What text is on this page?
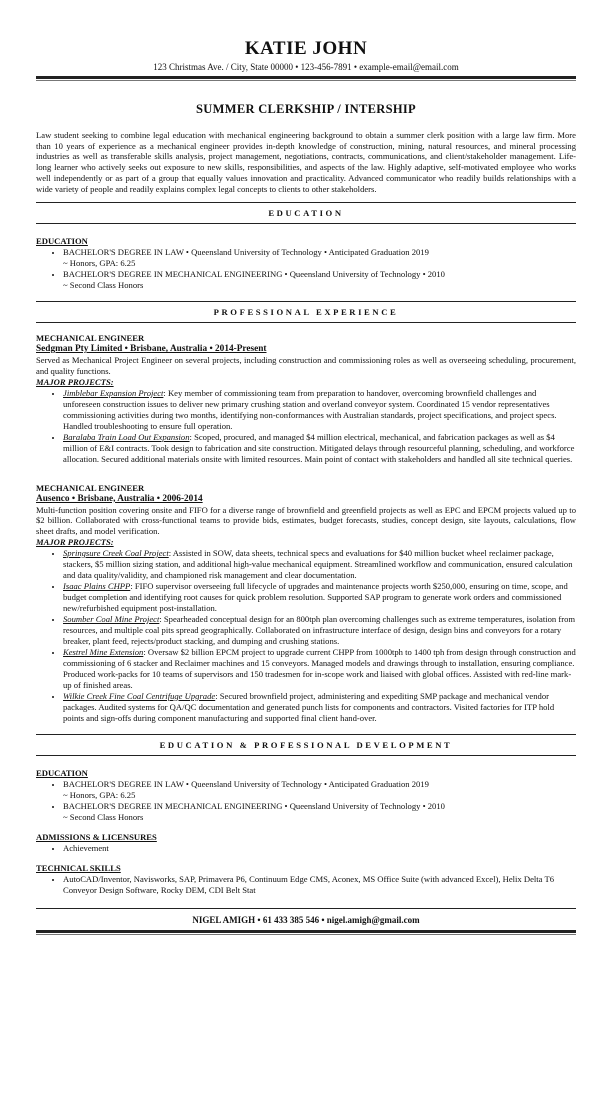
KATIE JOHN
123 Christmas Ave. / City, State 00000 • 123-456-7891 • example-email@email.com
SUMMER CLERKSHIP / INTERSHIP
Law student seeking to combine legal education with mechanical engineering background to obtain a summer clerk position with a large law firm. More than 10 years of experience as a mechanical engineer provides in-depth knowledge of construction, mining, natural resources, and mineral processing industries as well as transferable skills analysis, project management, negotiations, contracts, communications, and client/stakeholder management. Life-long learner who actively seeks out exposure to new skills, responsibilities, and aspects of the law. Highly adaptive, self-motivated employee who works well independently or as part of a group that equally values innovation and practicality. Advanced communicator who readily builds relationships with a wide variety of people and readily explains complex legal concepts to clients to other stakeholders.
EDUCATION
EDUCATION
• BACHELOR'S DEGREE IN LAW • Queensland University of Technology • Anticipated Graduation 2019
~ Honors, GPA: 6.25
• BACHELOR'S DEGREE IN MECHANICAL ENGINEERING • Queensland University of Technology • 2010
~ Second Class Honors
PROFESSIONAL EXPERIENCE
MECHANICAL ENGINEER
Sedgman Pty Limited • Brisbane, Australia • 2014-Present
Served as Mechanical Project Engineer on several projects, including construction and commissioning roles as well as overseeing scheduling, procurement, and quality functions.
MAJOR PROJECTS:
• Jimblebar Expansion Project: Key member of commissioning team from preparation to handover, overcoming brownfield challenges and unforeseen construction issues to deliver new primary crushing station and overland conveyor system. Coordinated 15 vendor representatives commissioning activities during two months, identifying non-conformances with Australian standards, project specifications, and project specs. Handled troubleshooting to ensure full operation.
• Baralaba Train Load Out Expansion: Scoped, procured, and managed $4 million electrical, mechanical, and fabrication packages as well as $4 million of E&I contracts. Took design to fabrication and site construction. Mitigated delays through resourceful planning, scheduling, and workforce allocation. Secured additional materials onsite with limited resources. Main point of contact with stakeholders and handled all site technical queries.
MECHANICAL ENGINEER
Ausenco • Brisbane, Australia • 2006-2014
Multi-function position covering onsite and FIFO for a diverse range of brownfield and greenfield projects as well as EPC and EPCM projects valued up to $2 billion. Collaborated with cross-functional teams to provide bids, estimates, budget forecasts, studies, concept design, site layouts, calculations, flow sheet drafts, and model verification.
MAJOR PROJECTS:
• Springsure Creek Coal Project: Assisted in SOW, data sheets, technical specs and evaluations for $40 million bucket wheel reclaimer package, stackers, $5 million sizing station, and additional high-value mechanical equipment. Streamlined workflow and communication, ensured calculation and data quality/validity, and championed risk management and clear documentation.
• Isaac Plains CHPP: FIFO supervisor overseeing full lifecycle of upgrades and maintenance projects worth $250,000, ensuring on time, scope, and budget completion and identifying root causes for quick problem resolution. Supported SAP program to generate work orders and commissioned new/refurbished equipment post-installation.
• Soumber Coal Mine Project: Spearheaded conceptual design for an 800tph plan overcoming challenges such as extreme temperatures, isolation from resources, and multiple coal pits spread geographically. Collaborated on infrastructure interface of design, design bins and conveyors for a rotary breaker, plant feed, rejects/product stacking, and dumping and crushing stations.
• Kestrel Mine Extension: Oversaw $2 billion EPCM project to upgrade current CHPP from 1000tph to 1400 tph from design through construction and commissioning of 6 stacker and Reclaimer machines and 15 conveyors. Managed models and drawings through to installation, ensuring compliance. Produced work-packs for 10 teams of supervisors and 150 tradesmen for in-scope work and liaised with global offices. Assisted with red-line mark-up of finished areas.
• Wilkie Creek Fine Coal Centrifuge Upgrade: Secured brownfield project, administering and expediting SMP package and mechanical vendor packages. Audited systems for QA/QC documentation and generated punch lists for components and contractors. Visited factories for ITP hold points and sign-offs during component manufacturing and supported final client hand-over.
EDUCATION & PROFESSIONAL DEVELOPMENT
EDUCATION
• BACHELOR'S DEGREE IN LAW • Queensland University of Technology • Anticipated Graduation 2019
~ Honors, GPA: 6.25
• BACHELOR'S DEGREE IN MECHANICAL ENGINEERING • Queensland University of Technology • 2010
~ Second Class Honors
ADMISSIONS & LICENSURES
• Achievement
TECHNICAL SKILLS
• AutoCAD/Inventor, Navisworks, SAP, Primavera P6, Continuum Edge CMS, Aconex, MS Office Suite (with advanced Excel), Helix Delta T6 Conveyor Design Software, Rocky DEM, CDI Belt Stat
NIGEL AMIGH • 61 433 385 546 • nigel.amigh@gmail.com
